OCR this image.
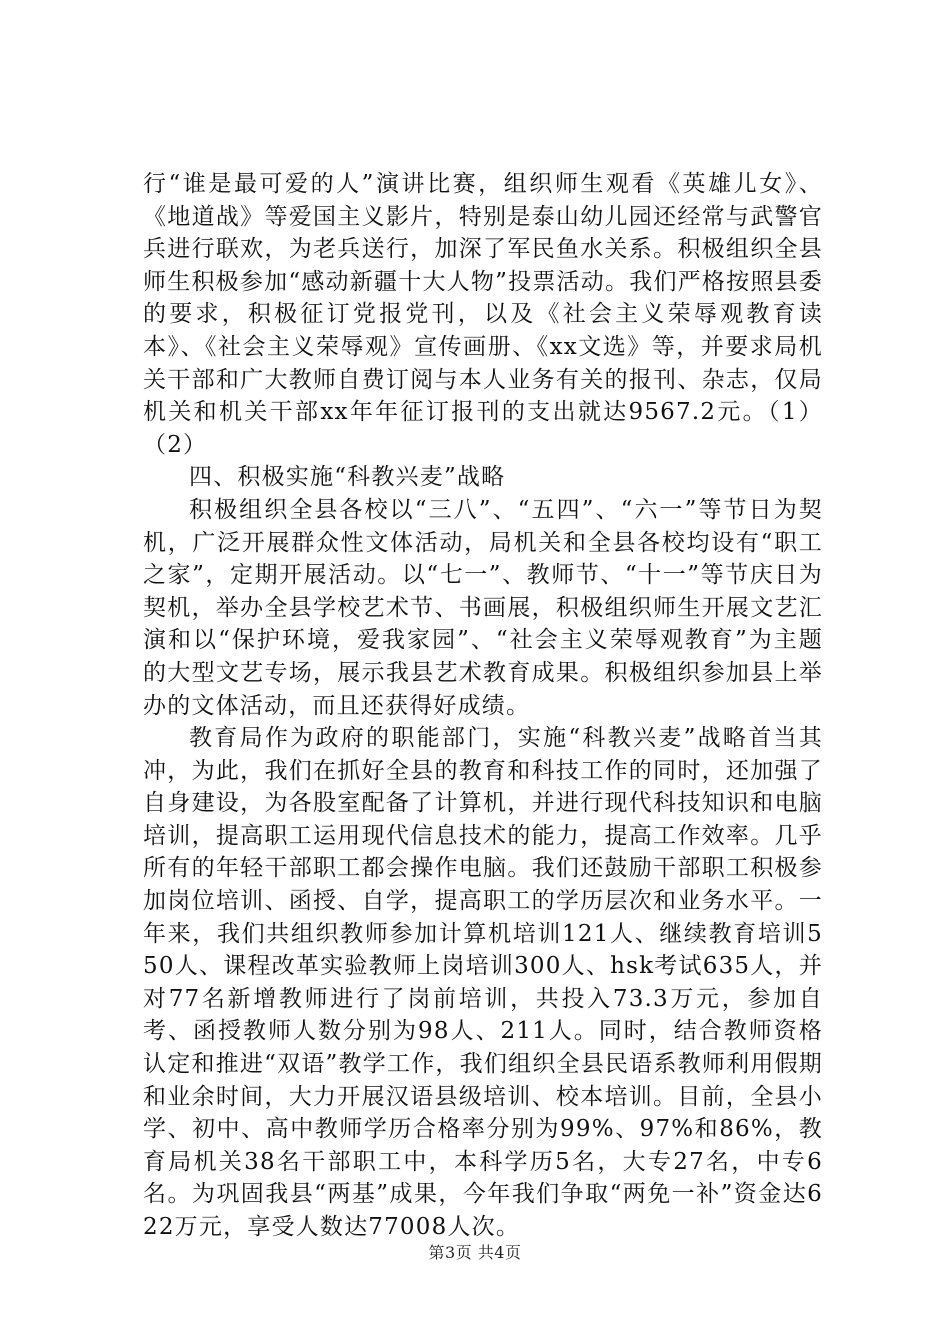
行“谁是最可爱的人”演讲比赛，组织师生观看《英雄儿女》、《地道战》等爱国主义影片，特别是泰山幼儿园还经常与武警官兵进行联欢，为老兵送行，加深了军民鱼水关系。积极组织全县师生积极参加“感动新疆十大人物”投票活动。我们严格按照县委的要求，积极征订党报党刊，以及《社会主义荣辱观教育读本》、《社会主义荣辱观》宣传画册、《xx文选》等，并要求局机关干部和广大教师自费订阅与本人业务有关的报刊、杂志，仅局机关和机关干部xx年年征订报刊的支出就达9567.2元。（1）（2）

四、积极实施“科教兴麦”战略

积极组织全县各校以“三八”、“五四”、“六一”等节日为契机，广泛开展群众性文体活动，局机关和全县各校均设有“职工之家”，定期开展活动。以“七一”、教师节、“十一”等节庆日为契机，举办全县学校艺术节、书画展，积极组织师生开展文艺汇演和以“保护环境，爱我家园”、“社会主义荣辱观教育”为主题的大型文艺专场，展示我县艺术教育成果。积极组织参加县上举办的文体活动，而且还获得好成绩。

教育局作为政府的职能部门，实施“科教兴麦”战略首当其冲，为此，我们在抓好全县的教育和科技工作的同时，还加强了自身建设，为各股室配备了计算机，并进行现代科技知识和电脑培训，提高职工运用现代信息技术的能力，提高工作效率。几乎所有的年轻干部职工都会操作电脑。我们还鼓励干部职工积极参加岗位培训、函授、自学，提高职工的学历层次和业务水平。一年来，我们共组织教师参加计算机培训121人、继续教育培训550人、课程改革实验教师上岗培训300人、hsk考试635人，并对77名新增教师进行了岗前培训，共投入73.3万元，参加自考、函授教师人数分别为98人、211人。同时，结合教师资格认定和推进“双语”教学工作，我们组织全县民语系教师利用假期和业余时间，大力开展汉语县级培训、校本培训。目前，全县小学、初中、高中教师学历合格率分别为99%、97%和86%，教育局机关38名干部职工中，本科学历5名，大专27名，中专6名。为巩固我县“两基”成果，今年我们争取“两免一补”资金达622万元，享受人数达77008人次。

第3页 共4页
